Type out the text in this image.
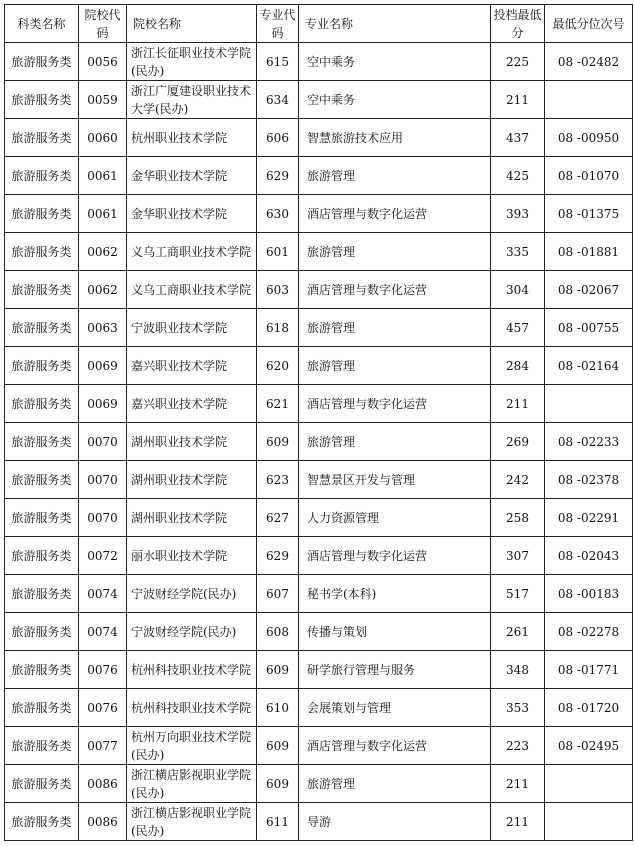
科类名称	院校代码	院校名称	专业代码	专业名称	投档最低分	最低分位次号
旅游服务类	0056	浙江长征职业技术学院(民办)	615	空中乘务	225	08 -02482
旅游服务类	0059	浙江广厦建设职业技术大学(民办)	634	空中乘务	211	
旅游服务类	0060	杭州职业技术学院	606	智慧旅游技术应用	437	08 -00950
旅游服务类	0061	金华职业技术学院	629	旅游管理	425	08 -01070
旅游服务类	0061	金华职业技术学院	630	酒店管理与数字化运营	393	08 -01375
旅游服务类	0062	义乌工商职业技术学院	601	旅游管理	335	08 -01881
旅游服务类	0062	义乌工商职业技术学院	603	酒店管理与数字化运营	304	08 -02067
旅游服务类	0063	宁波职业技术学院	618	旅游管理	457	08 -00755
旅游服务类	0069	嘉兴职业技术学院	620	旅游管理	284	08 -02164
旅游服务类	0069	嘉兴职业技术学院	621	酒店管理与数字化运营	211	
旅游服务类	0070	湖州职业技术学院	609	旅游管理	269	08 -02233
旅游服务类	0070	湖州职业技术学院	623	智慧景区开发与管理	242	08 -02378
旅游服务类	0070	湖州职业技术学院	627	人力资源管理	258	08 -02291
旅游服务类	0072	丽水职业技术学院	629	酒店管理与数字化运营	307	08 -02043
旅游服务类	0074	宁波财经学院(民办)	607	秘书学(本科)	517	08 -00183
旅游服务类	0074	宁波财经学院(民办)	608	传播与策划	261	08 -02278
旅游服务类	0076	杭州科技职业技术学院	609	研学旅行管理与服务	348	08 -01771
旅游服务类	0076	杭州科技职业技术学院	610	会展策划与管理	353	08 -01720
旅游服务类	0077	杭州万向职业技术学院(民办)	609	酒店管理与数字化运营	223	08 -02495
旅游服务类	0086	浙江横店影视职业学院(民办)	609	旅游管理	211	
旅游服务类	0086	浙江横店影视职业学院(民办)	611	导游	211	
